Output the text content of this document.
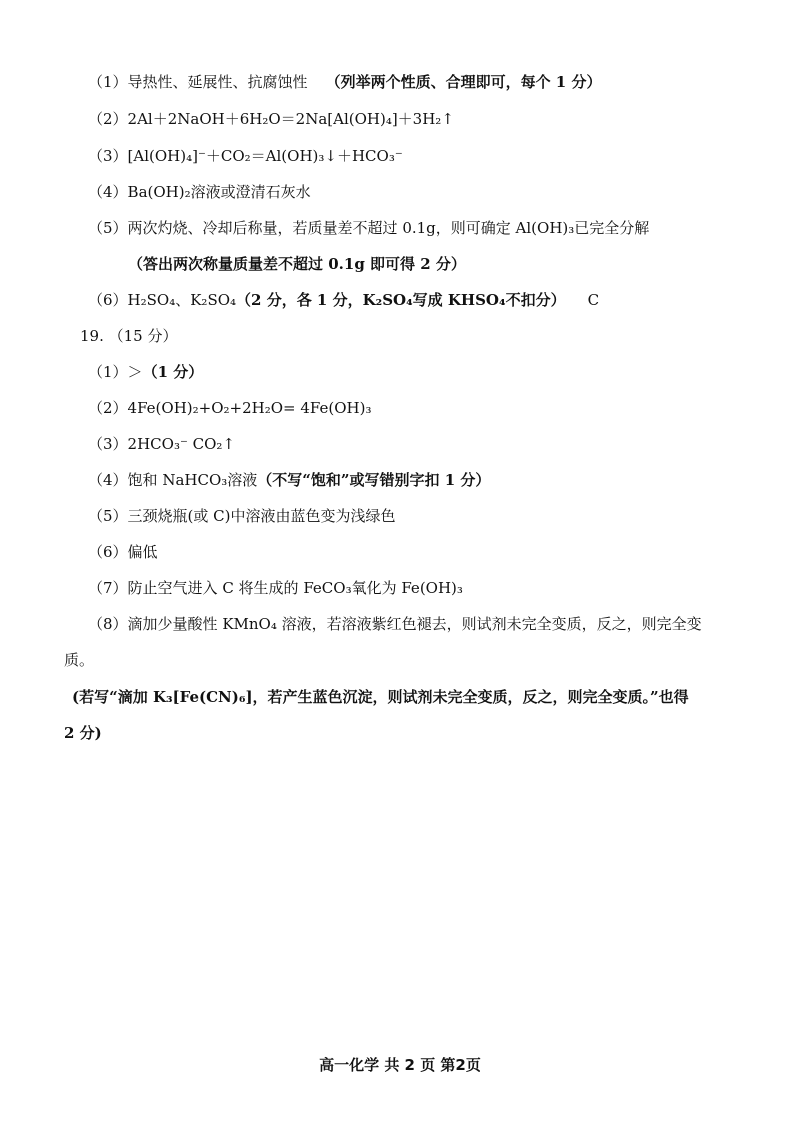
（1）导热性、延展性、抗腐蚀性 （列举两个性质、合理即可，每个 1 分）
（2）2Al＋2NaOH＋6H₂O＝2Na[Al(OH)₄]＋3H₂↑
（3）[Al(OH)₄]⁻＋CO₂＝Al(OH)₃↓＋HCO₃⁻
（4）Ba(OH)₂溶液或澄清石灰水
（5）两次灼烧、冷却后称量，若质量差不超过 0.1g，则可确定 Al(OH)₃已完全分解
（答出两次称量质量差不超过 0.1g 即可得 2 分）
（6）H₂SO₄、K₂SO₄（2 分，各 1 分，K₂SO₄写成 KHSO₄不扣分） C
19. （15 分）
（1）＞（1 分）
（2）4Fe(OH)₂+O₂+2H₂O= 4Fe(OH)₃
（3）2HCO₃⁻ CO₂↑
（4）饱和 NaHCO₃溶液（不写“饱和”或写错别字扣 1 分）
（5）三颈烧瓶(或 C)中溶液由蓝色变为浅绿色
（6）偏低
（7）防止空气进入 C 将生成的 FeCO₃氧化为 Fe(OH)₃
（8）滴加少量酸性 KMnO₄ 溶液，若溶液紫红色褪去，则试剂未完全变质，反之，则完全变
质。
(若写“滴加 K₃[Fe(CN)₆]，若产生蓝色沉淀，则试剂未完全变质，反之，则完全变质。”也得
2 分)
高一化学 共 2 页 第2页
